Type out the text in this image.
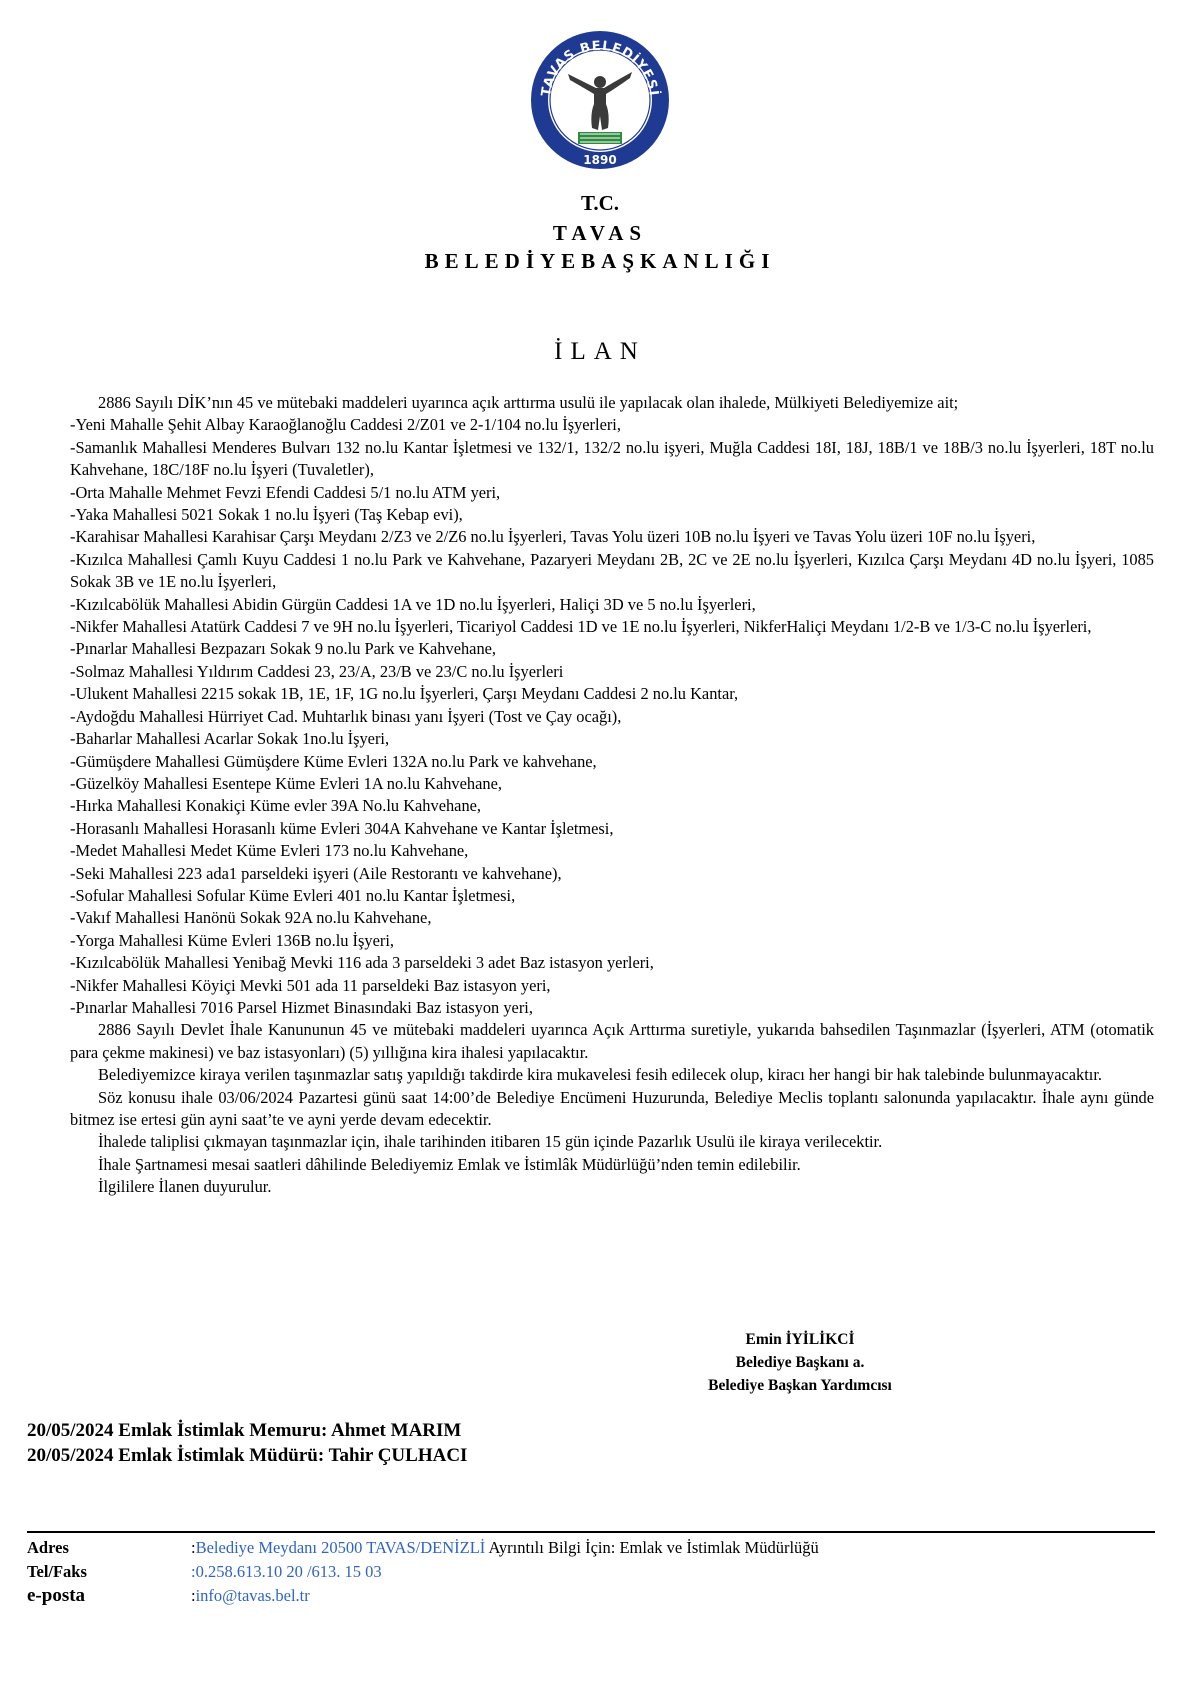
TAVAS BELEDİYESİ
1890
T.C.
TAVAS
BELEDİYEBAŞKANLIĞI
İLAN

2886 Sayılı DİK’nın 45 ve mütebaki maddeleri uyarınca açık arttırma usulü ile yapılacak olan ihalede, Mülkiyeti Belediyemize ait;

-Yeni Mahalle Şehit Albay Karaoğlanoğlu Caddesi 2/Z01 ve 2-1/104 no.lu İşyerleri,

-Samanlık Mahallesi Menderes Bulvarı 132 no.lu Kantar İşletmesi ve 132/1, 132/2 no.lu işyeri, Muğla Caddesi 18I, 18J, 18B/1 ve 18B/3 no.lu İşyerleri, 18T no.lu Kahvehane, 18C/18F no.lu İşyeri (Tuvaletler),

-Orta Mahalle Mehmet Fevzi Efendi Caddesi 5/1 no.lu ATM yeri,

-Yaka Mahallesi 5021 Sokak 1 no.lu İşyeri (Taş Kebap evi),

-Karahisar Mahallesi Karahisar Çarşı Meydanı 2/Z3 ve 2/Z6 no.lu İşyerleri, Tavas Yolu üzeri 10B no.lu İşyeri ve Tavas Yolu üzeri 10F no.lu İşyeri,

-Kızılca Mahallesi Çamlı Kuyu Caddesi 1 no.lu Park ve Kahvehane, Pazaryeri Meydanı 2B, 2C ve 2E no.lu İşyerleri, Kızılca Çarşı Meydanı 4D no.lu İşyeri, 1085 Sokak 3B ve 1E no.lu İşyerleri,

-Kızılcabölük Mahallesi Abidin Gürgün Caddesi 1A ve 1D no.lu İşyerleri, Haliçi 3D ve 5 no.lu İşyerleri,

-Nikfer Mahallesi Atatürk Caddesi 7 ve 9H no.lu İşyerleri, Ticariyol Caddesi 1D ve 1E no.lu İşyerleri, NikferHaliçi Meydanı 1/2-B ve 1/3-C no.lu İşyerleri,

-Pınarlar Mahallesi Bezpazarı Sokak 9 no.lu Park ve Kahvehane,

-Solmaz Mahallesi Yıldırım Caddesi 23, 23/A, 23/B ve 23/C no.lu İşyerleri

-Ulukent Mahallesi 2215 sokak 1B, 1E, 1F, 1G no.lu İşyerleri, Çarşı Meydanı Caddesi 2 no.lu Kantar,

-Aydoğdu Mahallesi Hürriyet Cad. Muhtarlık binası yanı İşyeri (Tost ve Çay ocağı),

-Baharlar Mahallesi Acarlar Sokak 1no.lu İşyeri,

-Gümüşdere Mahallesi Gümüşdere Küme Evleri 132A no.lu Park ve kahvehane,

-Güzelköy Mahallesi Esentepe Küme Evleri 1A no.lu Kahvehane,

-Hırka Mahallesi Konakiçi Küme evler 39A No.lu Kahvehane,

-Horasanlı Mahallesi Horasanlı küme Evleri 304A Kahvehane ve Kantar İşletmesi,

-Medet Mahallesi Medet Küme Evleri 173 no.lu Kahvehane,

-Seki Mahallesi 223 ada1 parseldeki işyeri (Aile Restorantı ve kahvehane),

-Sofular Mahallesi Sofular Küme Evleri 401 no.lu Kantar İşletmesi,

-Vakıf Mahallesi Hanönü Sokak 92A no.lu Kahvehane,

-Yorga Mahallesi Küme Evleri 136B no.lu İşyeri,

-Kızılcabölük Mahallesi Yenibağ Mevki 116 ada 3 parseldeki 3 adet Baz istasyon yerleri,

-Nikfer Mahallesi Köyiçi Mevki 501 ada 11 parseldeki Baz istasyon yeri,

-Pınarlar Mahallesi 7016 Parsel Hizmet Binasındaki Baz istasyon yeri,

2886 Sayılı Devlet İhale Kanununun 45 ve mütebaki maddeleri uyarınca Açık Arttırma suretiyle, yukarıda bahsedilen Taşınmazlar (İşyerleri, ATM (otomatik para çekme makinesi) ve baz istasyonları) (5) yıllığına kira ihalesi yapılacaktır.

Belediyemizce kiraya verilen taşınmazlar satış yapıldığı takdirde kira mukavelesi fesih edilecek olup, kiracı her hangi bir hak talebinde bulunmayacaktır.

Söz konusu ihale 03/06/2024 Pazartesi günü saat 14:00’de Belediye Encümeni Huzurunda, Belediye Meclis toplantı salonunda yapılacaktır. İhale aynı günde bitmez ise ertesi gün ayni saat’te ve ayni yerde devam edecektir.

İhalede taliplisi çıkmayan taşınmazlar için, ihale tarihinden itibaren 15 gün içinde Pazarlık Usulü ile kiraya verilecektir.

İhale Şartnamesi mesai saatleri dâhilinde Belediyemiz Emlak ve İstimlâk Müdürlüğü’nden temin edilebilir.

İlgililere İlanen duyurulur.

Emin İYİLİKCİ
Belediye Başkanı a.
Belediye Başkan Yardımcısı
20/05/2024 Emlak İstimlak Memuru: Ahmet MARIM
20/05/2024 Emlak İstimlak Müdürü: Tahir ÇULHACI
Adres	:Belediye Meydanı 20500 TAVAS/DENİZLİ Ayrıntılı Bilgi İçin: Emlak ve İstimlak Müdürlüğü
Tel/Faks	:0.258.613.10 20 /613. 15 03
e-posta	:info@tavas.bel.tr
